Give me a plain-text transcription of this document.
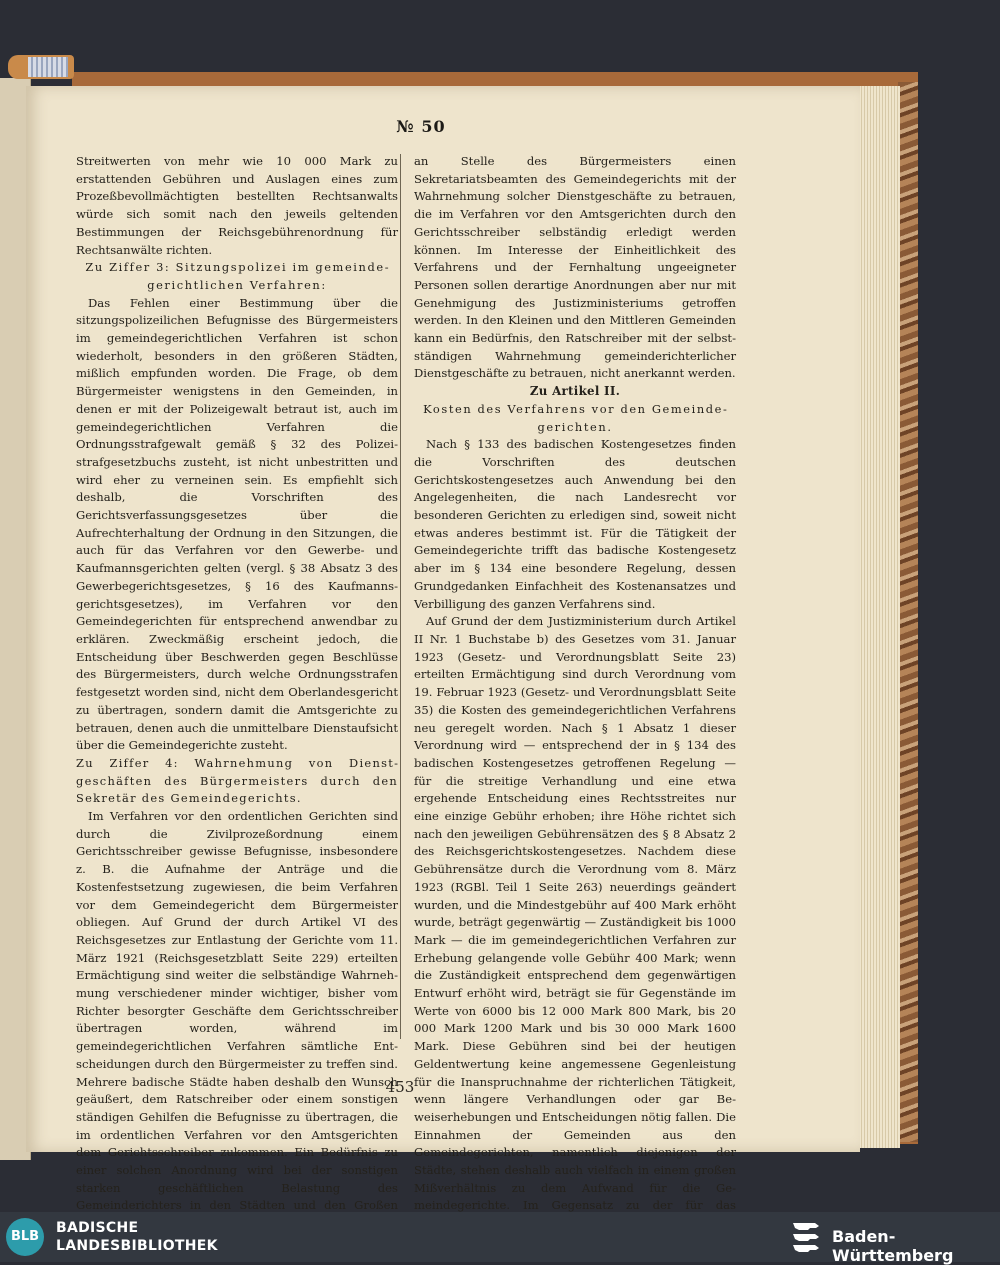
№ 50

Streitwerten von mehr wie 10 000 Mark zu erstattenden Gebühren und Auslagen eines zum Prozeßbevollmächtigten bestellten Rechtsanwalts würde sich somit nach den jeweils geltenden Bestimmungen der Reichsgebührenordnung für Rechtsanwälte richten.

Zu Ziffer 3: Sitzungspolizei im gemeindegerichtlichen Verfahren:

Das Fehlen einer Bestimmung über die sitzungspolizeilichen Befugnisse des Bürgermeisters im gemeindegerichtlichen Verfahren ist schon wiederholt, besonders in den größeren Städten, mißlich empfunden worden. Die Frage, ob dem Bürgermeister wenigstens in den Gemeinden, in denen er mit der Polizeigewalt betraut ist, auch im gemeindegerichtlichen Verfahren die Ordnungsstrafgewalt gemäß § 32 des Polizeistrafgesetzbuchs zusteht, ist nicht unbestritten und wird eher zu verneinen sein. Es empfiehlt sich deshalb, die Vorschriften des Gerichtsverfassungsgesetzes über die Aufrechterhaltung der Ordnung in den Sitzungen, die auch für das Verfahren vor den Gewerbe- und Kaufmannsgerichten gelten (vergl. § 38 Absatz 3 des Gewerbegerichtsgesetzes, § 16 des Kaufmannsgerichtsgesetzes), im Verfahren vor den Gemeindegerichten für entsprechend anwendbar zu erklären. Zweckmäßig erscheint jedoch, die Entscheidung über Beschwerden gegen Beschlüsse des Bürgermeisters, durch welche Ordnungsstrafen festgesetzt worden sind, nicht dem Oberlandesgericht zu übertragen, sondern damit die Amtsgerichte zu betrauen, denen auch die unmittelbare Dienstaufsicht über die Gemeindegerichte zusteht.

Zu Ziffer 4: Wahrnehmung von Dienstgeschäften des Bürgermeisters durch den Sekretär des Gemeindegerichts.

Im Verfahren vor den ordentlichen Gerichten sind durch die Zivilprozeßordnung einem Gerichtsschreiber gewisse Befugnisse, insbesondere z. B. die Aufnahme der Anträge und die Kostenfestsetzung zugewiesen, die beim Verfahren vor dem Gemeindegericht dem Bürgermeister obliegen. Auf Grund der durch Artikel VI des Reichsgesetzes zur Entlastung der Gerichte vom 11. März 1921 (Reichsgesetzblatt Seite 229) erteilten Ermächtigung sind weiter die selbständige Wahrnehmung verschiedener minder wichtiger, bisher vom Richter besorgter Geschäfte dem Gerichtsschreiber übertragen worden, während im gemeindegerichtlichen Verfahren sämtliche Entscheidungen durch den Bürgermeister zu treffen sind. Mehrere badische Städte haben deshalb den Wunsch geäußert, dem Ratschreiber oder einem sonstigen ständigen Gehilfen die Befugnisse zu übertragen, die im ordentlichen Verfahren vor den Amtsgerichten dem Gerichtsschreiber zukommen. Ein Bedürfnis zu einer solchen Anordnung wird bei der sonstigen starken geschäftlichen Belastung des Gemeinderichters in den Städten und den Großen

an Stelle des Bürgermeisters einen Sekretariatsbeamten des Gemeindegerichts mit der Wahrnehmung solcher Dienstgeschäfte zu betrauen, die im Verfahren vor den Amtsgerichten durch den Gerichtsschreiber selbständig erledigt werden können. Im Interesse der Einheitlichkeit des Verfahrens und der Fernhaltung ungeeigneter Personen sollen derartige Anordnungen aber nur mit Genehmigung des Justizministeriums getroffen werden. In den Kleinen und den Mittleren Gemeinden kann ein Bedürfnis, den Ratschreiber mit der selbstständigen Wahrnehmung gemeinderichterlicher Dienstgeschäfte zu betrauen, nicht anerkannt werden.

Zu Artikel II.

Kosten des Verfahrens vor den Gemeindegerichten.

Nach § 133 des badischen Kostengesetzes finden die Vorschriften des deutschen Gerichtskostengesetzes auch Anwendung bei den Angelegenheiten, die nach Landesrecht vor besonderen Gerichten zu erledigen sind, soweit nicht etwas anderes bestimmt ist. Für die Tätigkeit der Gemeindegerichte trifft das badische Kostengesetz aber im § 134 eine besondere Regelung, dessen Grundgedanken Einfachheit des Kostenansatzes und Verbilligung des ganzen Verfahrens sind.

Auf Grund der dem Justizministerium durch Artikel II Nr. 1 Buchstabe b) des Gesetzes vom 31. Januar 1923 (Gesetz- und Verordnungsblatt Seite 23) erteilten Ermächtigung sind durch Verordnung vom 19. Februar 1923 (Gesetz- und Verordnungsblatt Seite 35) die Kosten des gemeindegerichtlichen Verfahrens neu geregelt worden. Nach § 1 Absatz 1 dieser Verordnung wird — entsprechend der in § 134 des badischen Kostengesetzes getroffenen Regelung — für die streitige Verhandlung und eine etwa ergehende Entscheidung eines Rechtsstreites nur eine einzige Gebühr erhoben; ihre Höhe richtet sich nach den jeweiligen Gebührensätzen des § 8 Absatz 2 des Reichsgerichtskostengesetzes. Nachdem diese Gebührensätze durch die Verordnung vom 8. März 1923 (RGBl. Teil 1 Seite 263) neuerdings geändert wurden, und die Mindestgebühr auf 400 Mark erhöht wurde, beträgt gegenwärtig — Zuständigkeit bis 1000 Mark — die im gemeindegerichtlichen Verfahren zur Erhebung gelangende volle Gebühr 400 Mark; wenn die Zuständigkeit entsprechend dem gegenwärtigen Entwurf erhöht wird, beträgt sie für Gegenstände im Werte von 6000 bis 12 000 Mark 800 Mark, bis 20 000 Mark 1200 Mark und bis 30 000 Mark 1600 Mark. Diese Gebühren sind bei der heutigen Geldentwertung keine angemessene Gegenleistung für die Inanspruchnahme der richterlichen Tätigkeit, wenn längere Verhandlungen oder gar Beweiserhebungen und Entscheidungen nötig fallen. Die Einnahmen der Gemeinden aus den Gemeindegerichten, namentlich diejenigen der Städte, stehen deshalb auch vielfach in einem großen Mißverhältnis zu dem Aufwand für die Gemeindegerichte. Im Gegensatz zu der für das

453
BLB
BADISCHE
LANDESBIBLIOTHEK	Baden-Württemberg
